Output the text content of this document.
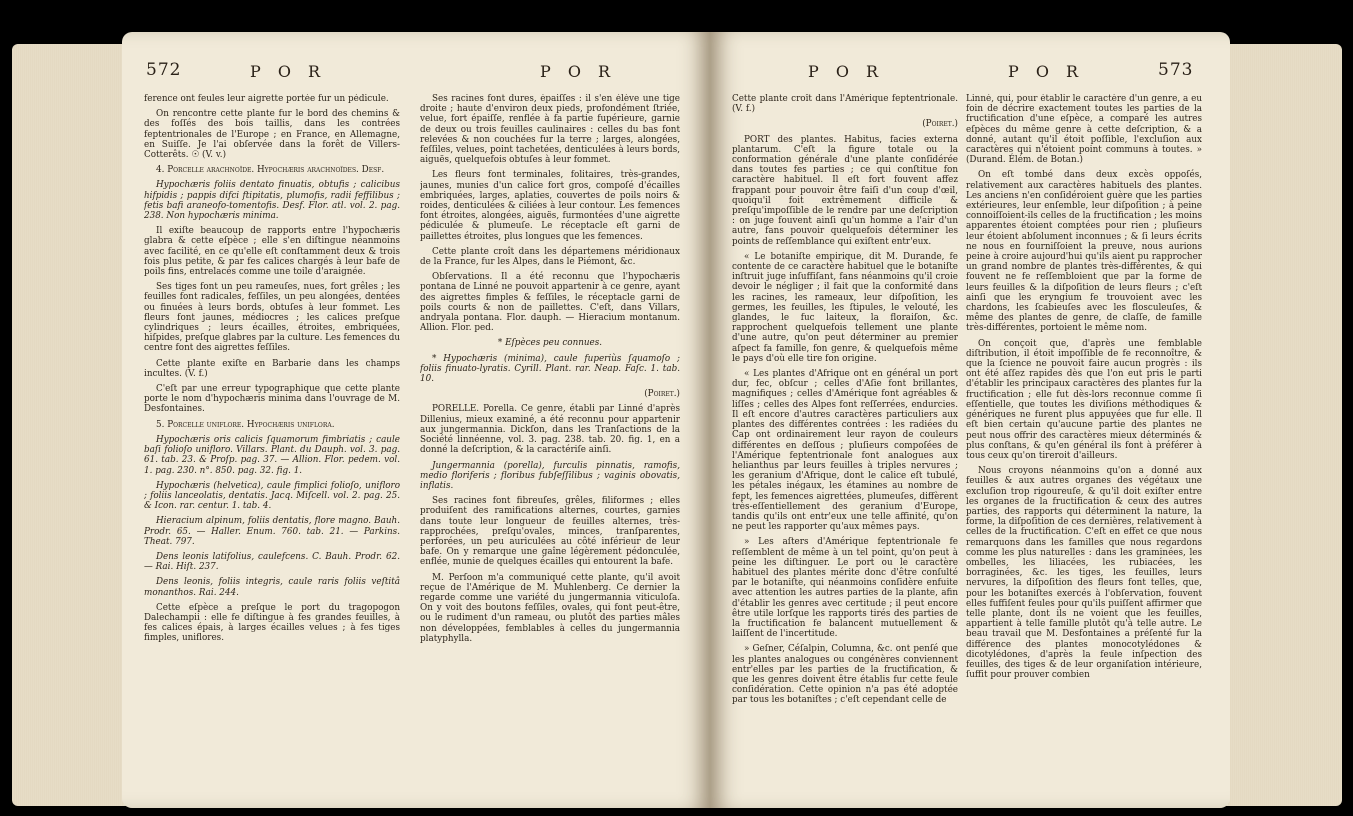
572	P O R	P O R

ference ont feules leur aigrette portée fur un pédicule.

On rencontre cette plante fur le bord des chemins & des foſſés des bois taillis, dans les contrées feptentrionales de l'Europe ; en France, en Allemagne, en Suiſſe. Je l'ai obſervée dans la forêt de Villers-Cotterêts. ☉ (V. v.)

4. Porcelle arachnoïde. Hypochæris arachnoïdes. Desf.

Hypochæris foliis dentato finuatis, obtufis ; calicibus hifpidis ; pappis difci ftipitatis, plumofis, radii feffilibus ; fetis bafi araneofo-tomentofis. Desf. Flor. atl. vol. 2. pag. 238. Non hypochæris minima.

Il exiſte beaucoup de rapports entre l'hypochæris glabra & cette eſpèce ; elle s'en diſtingue néanmoins avec facilité, en ce qu'elle eſt conſtamment deux & trois fois plus petite, & par fes calices chargés à leur bafe de poils fins, entrelacés comme une toile d'araignée.

Ses tiges font un peu rameuſes, nues, fort grêles ; les feuilles font radicales, feſſiles, un peu alongées, dentées ou finuées à leurs bords, obtuſes à leur fommet. Les fleurs font jaunes, médiocres ; les calices preſque cylindriques ; leurs écailles, étroites, embriquées, hiſpides, preſque glabres par la culture. Les femences du centre font des aigrettes feſſiles.

Cette plante exiſte en Barbarie dans les champs incultes. (V. f.)

C'eſt par une erreur typographique que cette plante porte le nom d'hypochæris minima dans l'ouvrage de M. Desfontaines.

5. Porcelle uniflore. Hypochæris uniflora.

Hypochæris oris calicis ſquamorum fimbriatis ; caule baſi folioſo unifloro. Villars. Plant. du Dauph. vol. 3. pag. 61. tab. 23. & Proſp. pag. 37. — Allion. Flor. pedem. vol. 1. pag. 230. n°. 850. pag. 32. fig. 1.

Hypochæris (helvetica), caule fimplici folioſo, unifloro ; foliis lanceolatis, dentatis. Jacq. Miſcell. vol. 2. pag. 25. & Icon. rar. centur. 1. tab. 4.

Hieracium alpinum, foliis dentatis, flore magno. Bauh. Prodr. 65. — Haller. Enum. 760. tab. 21. — Parkins. Theat. 797.

Dens leonis latifolius, caulefcens. C. Bauh. Prodr. 62. — Rai. Hiſt. 237.

Dens leonis, foliis integris, caule raris foliis veſtitâ monanthos. Rai. 244.

Cette eſpèce a preſque le port du tragopogon Dalechampii : elle fe diſtingue à fes grandes feuilles, à fes calices épais, à larges écailles velues ; à fes tiges fimples, uniflores.

Ses racines font dures, épaiſſes : il s'en élève une tige droite ; haute d'environ deux pieds, profondément ſtriée, velue, fort épaiſſe, renflée à fa partie fupérieure, garnie de deux ou trois feuilles caulinaires : celles du bas font relevées & non couchées fur la terre ; larges, alongées, feſſiles, velues, point tachetées, denticulées à leurs bords, aiguës, quelquefois obtuſes à leur fommet.

Les fleurs font terminales, folitaires, très-grandes, jaunes, munies d'un calice fort gros, compoſé d'écailles embriquées, larges, aplaties, couvertes de poils noirs & roides, denticulées & ciliées à leur contour. Les femences font étroites, alongées, aiguës, furmontées d'une aigrette pédiculée & plumeuſe. Le réceptacle eſt garni de paillettes étroites, plus longues que les femences.

Cette plante croît dans les départemens méridionaux de la France, fur les Alpes, dans le Piémont, &c.

Obſervations. Il a été reconnu que l'hypochæris pontana de Linné ne pouvoit appartenir à ce genre, ayant des aigrettes fimples & feſſiles, le réceptacle garni de poils courts & non de paillettes. C'eſt, dans Villars, andryala pontana. Flor. dauph. — Hieracium montanum. Allion. Flor. ped.

* Eſpèces peu connues.

* Hypochæris (minima), caule fuperiùs ſquamoſo ; foliis finuato-lyratis. Cyrill. Plant. rar. Neap. Faſc. 1. tab. 10.

(Poiret.)

PORELLE. Porella. Ce genre, établi par Linné d'après Dillenius, mieux examiné, a été reconnu pour appartenir aux jungermannia. Dickſon, dans les Tranſactions de la Société linnéenne, vol. 3. pag. 238. tab. 20. fig. 1, en a donné la deſcription, & la caractériſe ainſi.

Jungermannia (porella), furculis pinnatis, ramofis, medio floriferis ; floribus fubſeſſilibus ; vaginis obovatis, inflatis.

Ses racines font fibreuſes, grêles, filiformes ; elles produiſent des ramifications alternes, courtes, garnies dans toute leur longueur de feuilles alternes, très-rapprochées, preſqu'ovales, minces, tranſparentes, perforées, un peu auriculées au côté inférieur de leur bafe. On y remarque une gaîne légèrement pédonculée, enflée, munie de quelques écailles qui entourent la bafe.

M. Perſoon m'a communiqué cette plante, qu'il avoit reçue de l'Amérique de M. Muhlenberg. Ce dernier la regarde comme une variété du jungermannia viticuloſa. On y voit des boutons feſſiles, ovales, qui font peut-être, ou le rudiment d'un rameau, ou plutôt des parties mâles non développées, femblables à celles du jungermannia platyphylla.

P O R	P O R	573

Cette plante croît dans l'Amérique feptentrionale. (V. f.)

(Poiret.)

PORT des plantes. Habitus, facies externa plantarum. C'eſt la figure totale ou la conformation générale d'une plante conſidérée dans toutes fes parties ; ce qui conſtitue fon caractère habituel. Il eſt fort fouvent affez frappant pour pouvoir être faiſi d'un coup d'œil, quoiqu'il foit extrêmement difficile & preſqu'impoſſible de le rendre par une deſcription : on juge fouvent ainſi qu'un homme a l'air d'un autre, fans pouvoir quelquefois déterminer les points de reſſemblance qui exiſtent entr'eux.

« Le botaniſte empirique, dit M. Durande, fe contente de ce caractère habituel que le botaniſte inſtruit juge inſuffiſant, fans néanmoins qu'il croie devoir le négliger ; il fait que la conformité dans les racines, les rameaux, leur diſpoſition, les germes, les feuilles, les ſtipules, le velouté, les glandes, le fuc laiteux, la floraiſon, &c. rapprochent quelquefois tellement une plante d'une autre, qu'on peut déterminer au premier aſpect fa famille, fon genre, & quelquefois même le pays d'où elle tire fon origine.

« Les plantes d'Afrique ont en général un port dur, fec, obſcur ; celles d'Aſie font brillantes, magnifiques ; celles d'Amérique font agréables & liſſes ; celles des Alpes font reſſerrées, endurcies. Il eſt encore d'autres caractères particuliers aux plantes des différentes contrées : les radiées du Cap ont ordinairement leur rayon de couleurs différentes en deſſous ; pluſieurs compoſées de l'Amérique feptentrionale font analogues aux helianthus par leurs feuilles à triples nervures ; les geranium d'Afrique, dont le calice eſt tubulé, les pétales inégaux, les étamines au nombre de fept, les femences aigrettées, plumeuſes, diffèrent très-eſſentiellement des geranium d'Europe, tandis qu'ils ont entr'eux une telle affinité, qu'on ne peut les rapporter qu'aux mêmes pays.

» Les aſters d'Amérique feptentrionale fe reſſemblent de même à un tel point, qu'on peut à peine les diſtinguer. Le port ou le caractère habituel des plantes mérite donc d'être conſulté par le botaniſte, qui néanmoins conſidère enfuite avec attention les autres parties de la plante, afin d'établir les genres avec certitude ; il peut encore être utile lorſque les rapports tirés des parties de la fructification fe balancent mutuellement & laiſſent de l'incertitude.

» Geſner, Céſalpin, Columna, &c. ont penſé que les plantes analogues ou congénères conviennent entr'elles par les parties de la fructification, & que les genres doivent être établis fur cette feule conſidération. Cette opinion n'a pas été adoptée par tous les botaniſtes ; c'eſt cependant celle de

Linné, qui, pour établir le caractère d'un genre, a eu foin de décrire exactement toutes les parties de la fructification d'une eſpèce, a comparé les autres eſpèces du même genre à cette deſcription, & a donné, autant qu'il étoit poſſible, l'excluſion aux caractères qui n'étoient point communs à toutes. » (Durand. Élém. de Botan.)

On eſt tombé dans deux excès oppoſés, relativement aux caractères habituels des plantes. Les anciens n'en conſidéroient guère que les parties extérieures, leur enſemble, leur diſpoſition ; à peine connoiſſoient-ils celles de la fructification ; les moins apparentes étoient comptées pour rien ; pluſieurs leur étoient abſolument inconnues ; & ſi leurs écrits ne nous en fourniſſoient la preuve, nous aurions peine à croire aujourd'hui qu'ils aient pu rapprocher un grand nombre de plantes très-différentes, & qui fouvent ne fe reſſembloient que par la forme de leurs feuilles & la diſpoſition de leurs fleurs ; c'eſt ainſi que les eryngium fe trouvoient avec les chardons, les ſcabieuſes avec les flosculeuſes, & même des plantes de genre, de claſſe, de famille très-différentes, portoient le même nom.

On conçoit que, d'après une femblable diſtribution, il étoit impoſſible de fe reconnoître, & que la ſcience ne pouvoit faire aucun progrès : ils ont été aſſez rapides dès que l'on eut pris le parti d'établir les principaux caractères des plantes fur la fructification ; elle fut dès-lors reconnue comme ſi eſſentielle, que toutes les diviſions méthodiques & génériques ne furent plus appuyées que fur elle. Il eſt bien certain qu'aucune partie des plantes ne peut nous offrir des caractères mieux déterminés & plus conſtans, & qu'en général ils font à préférer à tous ceux qu'on tireroit d'ailleurs.

Nous croyons néanmoins qu'on a donné aux feuilles & aux autres organes des végétaux une excluſion trop rigoureuſe, & qu'il doit exiſter entre les organes de la fructification & ceux des autres parties, des rapports qui déterminent la nature, la forme, la diſpoſition de ces dernières, relativement à celles de la fructification. C'eſt en effet ce que nous remarquons dans les familles que nous regardons comme les plus naturelles : dans les graminées, les ombelles, les liliacées, les rubiacées, les borraginées, &c. les tiges, les feuilles, leurs nervures, la diſpoſition des fleurs font telles, que, pour les botaniſtes exercés à l'obſervation, fouvent elles fuffiſent feules pour qu'ils puiſſent affirmer que telle plante, dont ils ne voient que les feuilles, appartient à telle famille plutôt qu'à telle autre. Le beau travail que M. Desfontaines a préſenté fur la différence des plantes monocotylédones & dicotylédones, d'après la feule inſpection des feuilles, des tiges & de leur organiſation intérieure, ſuffit pour prouver combien
